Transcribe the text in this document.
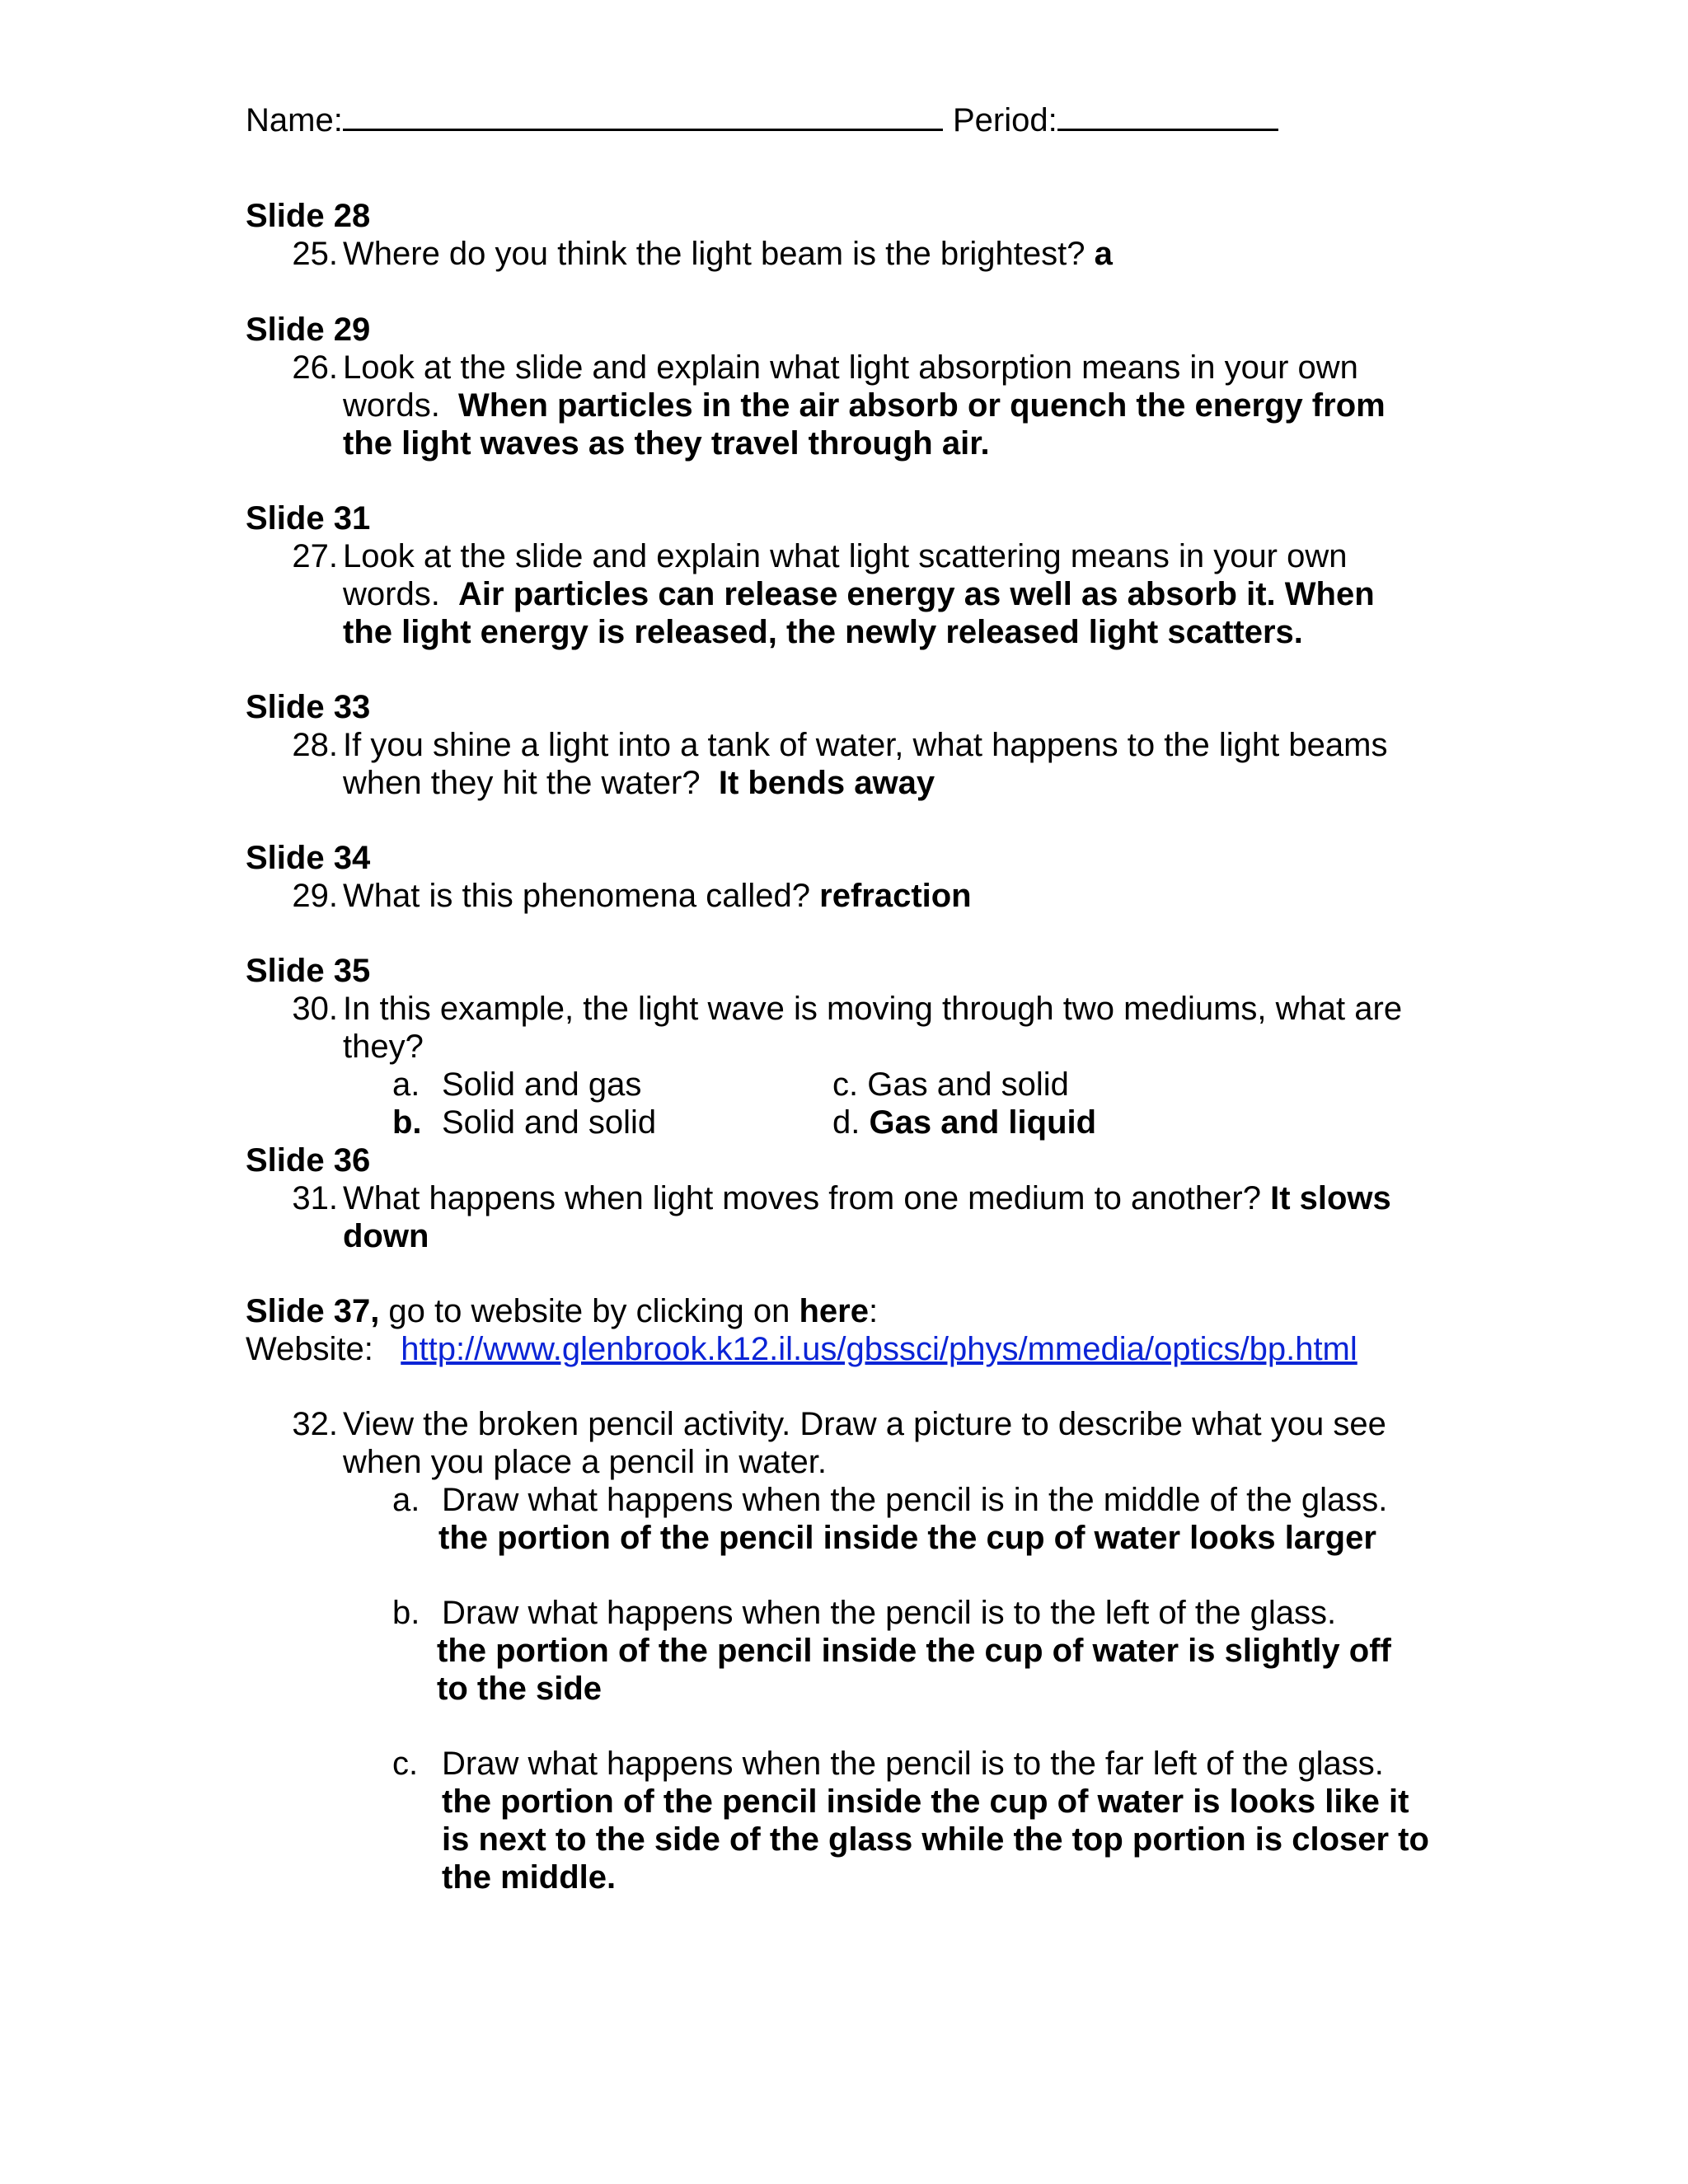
Name:	Period:
Slide 28
25. Where do you think the light beam is the brightest? a
Slide 29
26. Look at the slide and explain what light absorption means in your own
words. When particles in the air absorb or quench the energy from
the light waves as they travel through air.
Slide 31
27. Look at the slide and explain what light scattering means in your own
words. Air particles can release energy as well as absorb it. When
the light energy is released, the newly released light scatters.
Slide 33
28. If you shine a light into a tank of water, what happens to the light beams
when they hit the water? It bends away
Slide 34
29. What is this phenomena called? refraction
Slide 35
30. In this example, the light wave is moving through two mediums, what are
they?
a. Solid and gas
b. Solid and solid
c. Gas and solid
d. Gas and liquid
Slide 36
31. What happens when light moves from one medium to another? It slows
down
Slide 37, go to website by clicking on here:
Website: http://www.glenbrook.k12.il.us/gbssci/phys/mmedia/optics/bp.html
32. View the broken pencil activity. Draw a picture to describe what you see
when you place a pencil in water.
a. Draw what happens when the pencil is in the middle of the glass.
the portion of the pencil inside the cup of water looks larger
b. Draw what happens when the pencil is to the left of the glass.
the portion of the pencil inside the cup of water is slightly off
to the side
c. Draw what happens when the pencil is to the far left of the glass.
the portion of the pencil inside the cup of water is looks like it
is next to the side of the glass while the top portion is closer to
the middle.
